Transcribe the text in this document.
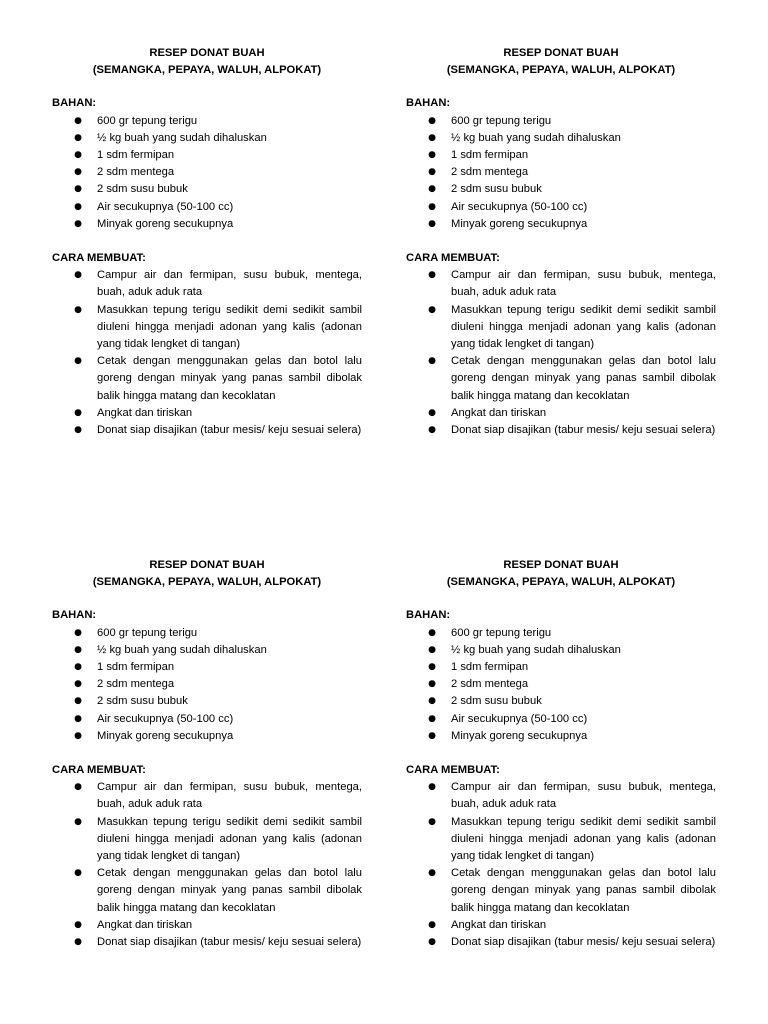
RESEP DONAT BUAH
(SEMANGKA, PEPAYA, WALUH, ALPOKAT)
BAHAN:
● 600 gr tepung terigu
● ½ kg buah yang sudah dihaluskan
● 1 sdm fermipan
● 2 sdm mentega
● 2 sdm susu bubuk
● Air secukupnya (50-100 cc)
● Minyak goreng secukupnya
CARA MEMBUAT:
● Campur air dan fermipan, susu bubuk, mentega, buah, aduk aduk rata
● Masukkan tepung terigu sedikit demi sedikit sambil diuleni hingga menjadi adonan yang kalis (adonan yang tidak lengket di tangan)
● Cetak dengan menggunakan gelas dan botol lalu goreng dengan minyak yang panas sambil dibolak balik hingga matang dan kecoklatan
● Angkat dan tiriskan
● Donat siap disajikan (tabur mesis/ keju sesuai selera)
RESEP DONAT BUAH
(SEMANGKA, PEPAYA, WALUH, ALPOKAT)
BAHAN:
● 600 gr tepung terigu
● ½ kg buah yang sudah dihaluskan
● 1 sdm fermipan
● 2 sdm mentega
● 2 sdm susu bubuk
● Air secukupnya (50-100 cc)
● Minyak goreng secukupnya
CARA MEMBUAT:
● Campur air dan fermipan, susu bubuk, mentega, buah, aduk aduk rata
● Masukkan tepung terigu sedikit demi sedikit sambil diuleni hingga menjadi adonan yang kalis (adonan yang tidak lengket di tangan)
● Cetak dengan menggunakan gelas dan botol lalu goreng dengan minyak yang panas sambil dibolak balik hingga matang dan kecoklatan
● Angkat dan tiriskan
● Donat siap disajikan (tabur mesis/ keju sesuai selera)
RESEP DONAT BUAH
(SEMANGKA, PEPAYA, WALUH, ALPOKAT)
BAHAN:
● 600 gr tepung terigu
● ½ kg buah yang sudah dihaluskan
● 1 sdm fermipan
● 2 sdm mentega
● 2 sdm susu bubuk
● Air secukupnya (50-100 cc)
● Minyak goreng secukupnya
CARA MEMBUAT:
● Campur air dan fermipan, susu bubuk, mentega, buah, aduk aduk rata
● Masukkan tepung terigu sedikit demi sedikit sambil diuleni hingga menjadi adonan yang kalis (adonan yang tidak lengket di tangan)
● Cetak dengan menggunakan gelas dan botol lalu goreng dengan minyak yang panas sambil dibolak balik hingga matang dan kecoklatan
● Angkat dan tiriskan
● Donat siap disajikan (tabur mesis/ keju sesuai selera)
RESEP DONAT BUAH
(SEMANGKA, PEPAYA, WALUH, ALPOKAT)
BAHAN:
● 600 gr tepung terigu
● ½ kg buah yang sudah dihaluskan
● 1 sdm fermipan
● 2 sdm mentega
● 2 sdm susu bubuk
● Air secukupnya (50-100 cc)
● Minyak goreng secukupnya
CARA MEMBUAT:
● Campur air dan fermipan, susu bubuk, mentega, buah, aduk aduk rata
● Masukkan tepung terigu sedikit demi sedikit sambil diuleni hingga menjadi adonan yang kalis (adonan yang tidak lengket di tangan)
● Cetak dengan menggunakan gelas dan botol lalu goreng dengan minyak yang panas sambil dibolak balik hingga matang dan kecoklatan
● Angkat dan tiriskan
● Donat siap disajikan (tabur mesis/ keju sesuai selera)
